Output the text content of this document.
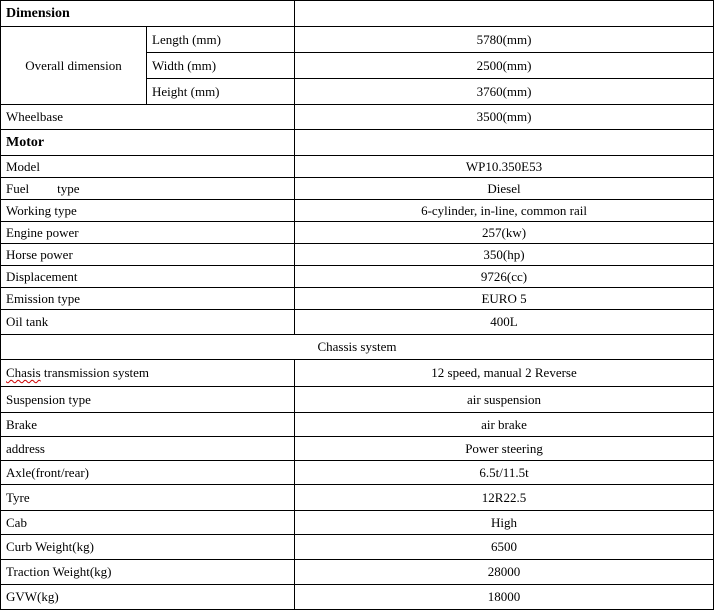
Dimension		
Overall dimension	Length (mm)	5780(mm)
	Width (mm)	2500(mm)
	Height (mm)	3760(mm)
Wheelbase		3500(mm)
Motor		
Model		WP10.350E53
Fuel type		Diesel
Working type		6-cylinder, in-line, common rail
Engine power		257(kw)
Horse power		350(hp)
Displacement		9726(cc)
Emission type		EURO 5
Oil tank		400L
Chassis system		
Chasis transmission system		12 speed, manual 2 Reverse
Suspension type		air suspension
Brake		air brake
address		Power steering
Axle(front/rear)		6.5t/11.5t
Tyre		12R22.5
Cab		High
Curb Weight(kg)		6500
Traction Weight(kg)		28000
GVW(kg)		18000
